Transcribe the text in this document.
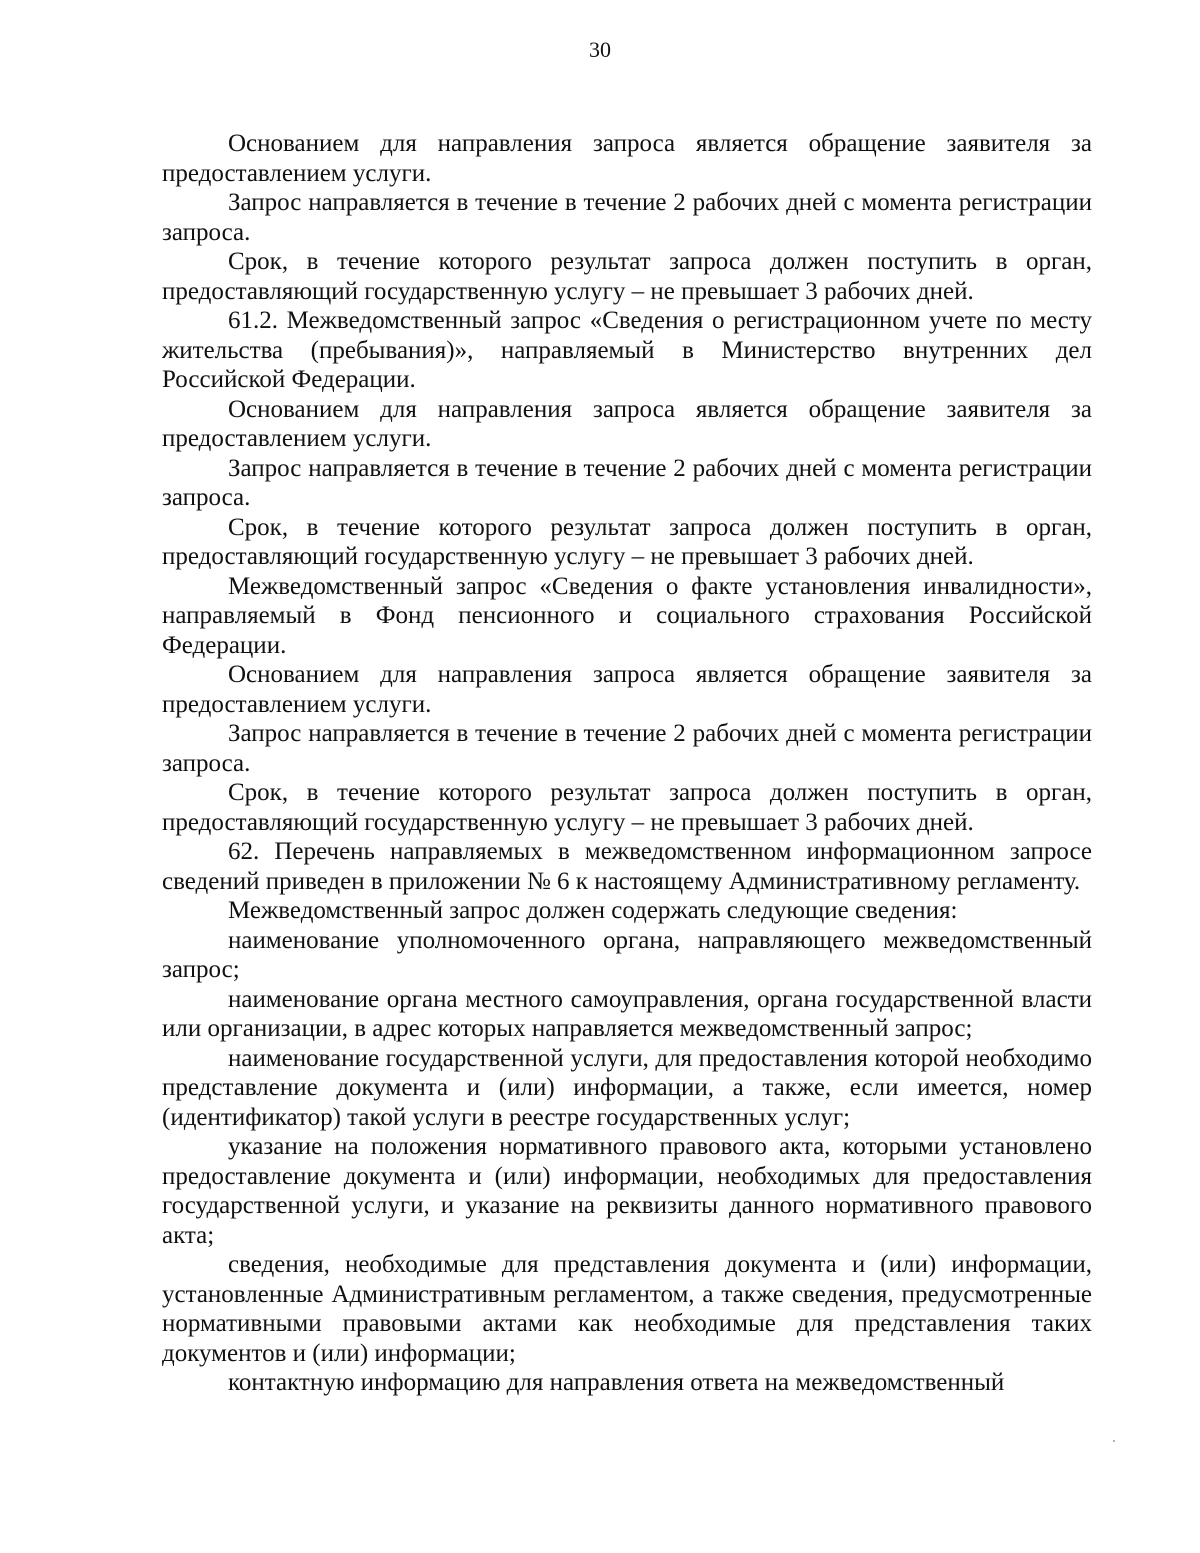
30

Основанием для направления запроса является обращение заявителя за предоставлением услуги.

Запрос направляется в течение в течение 2 рабочих дней с момента регистрации запроса.

Срок, в течение которого результат запроса должен поступить в орган, предоставляющий государственную услугу – не превышает 3 рабочих дней.

61.2. Межведомственный запрос «Сведения о регистрационном учете по месту жительства (пребывания)», направляемый в Министерство внутренних дел Российской Федерации.

Основанием для направления запроса является обращение заявителя за предоставлением услуги.

Запрос направляется в течение в течение 2 рабочих дней с момента регистрации запроса.

Срок, в течение которого результат запроса должен поступить в орган, предоставляющий государственную услугу – не превышает 3 рабочих дней.

Межведомственный запрос «Сведения о факте установления инвалидности», направляемый в Фонд пенсионного и социального страхования Российской Федерации.

Основанием для направления запроса является обращение заявителя за предоставлением услуги.

Запрос направляется в течение в течение 2 рабочих дней с момента регистрации запроса.

Срок, в течение которого результат запроса должен поступить в орган, предоставляющий государственную услугу – не превышает 3 рабочих дней.

62. Перечень направляемых в межведомственном информационном запросе сведений приведен в приложении № 6 к настоящему Административному регламенту.

Межведомственный запрос должен содержать следующие сведения:

наименование уполномоченного органа, направляющего межведомственный запрос;

наименование органа местного самоуправления, органа государственной власти или организации, в адрес которых направляется межведомственный запрос;

наименование государственной услуги, для предоставления которой необходимо представление документа и (или) информации, а также, если имеется, номер (идентификатор) такой услуги в реестре государственных услуг;

указание на положения нормативного правового акта, которыми установлено предоставление документа и (или) информации, необходимых для предоставления государственной услуги, и указание на реквизиты данного нормативного правового акта;

сведения, необходимые для представления документа и (или) информации, установленные Административным регламентом, а также сведения, предусмотренные нормативными правовыми актами как необходимые для представления таких документов и (или) информации;

контактную информацию для направления ответа на межведомственный
